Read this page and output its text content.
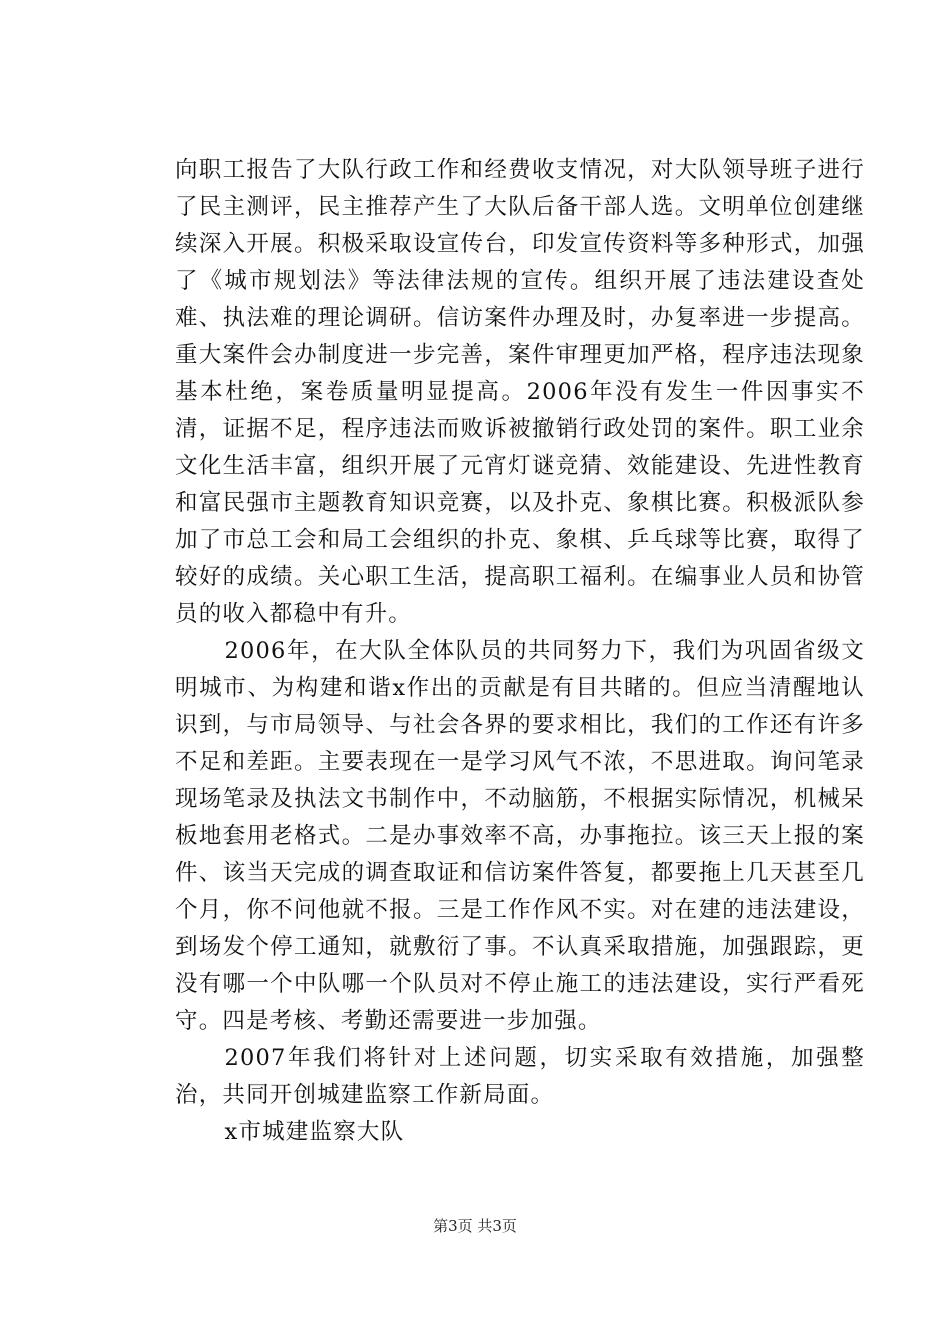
向职工报告了大队行政工作和经费收支情况，对大队领导班子进行了民主测评，民主推荐产生了大队后备干部人选。文明单位创建继续深入开展。积极采取设宣传台，印发宣传资料等多种形式，加强了《城市规划法》等法律法规的宣传。组织开展了违法建设查处难、执法难的理论调研。信访案件办理及时，办复率进一步提高。重大案件会办制度进一步完善，案件审理更加严格，程序违法现象基本杜绝，案卷质量明显提高。2006年没有发生一件因事实不清，证据不足，程序违法而败诉被撤销行政处罚的案件。职工业余文化生活丰富，组织开展了元宵灯谜竞猜、效能建设、先进性教育和富民强市主题教育知识竞赛，以及扑克、象棋比赛。积极派队参加了市总工会和局工会组织的扑克、象棋、乒乓球等比赛，取得了较好的成绩。关心职工生活，提高职工福利。在编事业人员和协管员的收入都稳中有升。

2006年，在大队全体队员的共同努力下，我们为巩固省级文明城市、为构建和谐x作出的贡献是有目共睹的。但应当清醒地认识到，与市局领导、与社会各界的要求相比，我们的工作还有许多不足和差距。主要表现在一是学习风气不浓，不思进取。询问笔录现场笔录及执法文书制作中，不动脑筋，不根据实际情况，机械呆板地套用老格式。二是办事效率不高，办事拖拉。该三天上报的案件、该当天完成的调查取证和信访案件答复，都要拖上几天甚至几个月，你不问他就不报。三是工作作风不实。对在建的违法建设，到场发个停工通知，就敷衍了事。不认真采取措施，加强跟踪，更没有哪一个中队哪一个队员对不停止施工的违法建设，实行严看死守。四是考核、考勤还需要进一步加强。

2007年我们将针对上述问题，切实采取有效措施，加强整治，共同开创城建监察工作新局面。

x市城建监察大队

第3页 共3页
